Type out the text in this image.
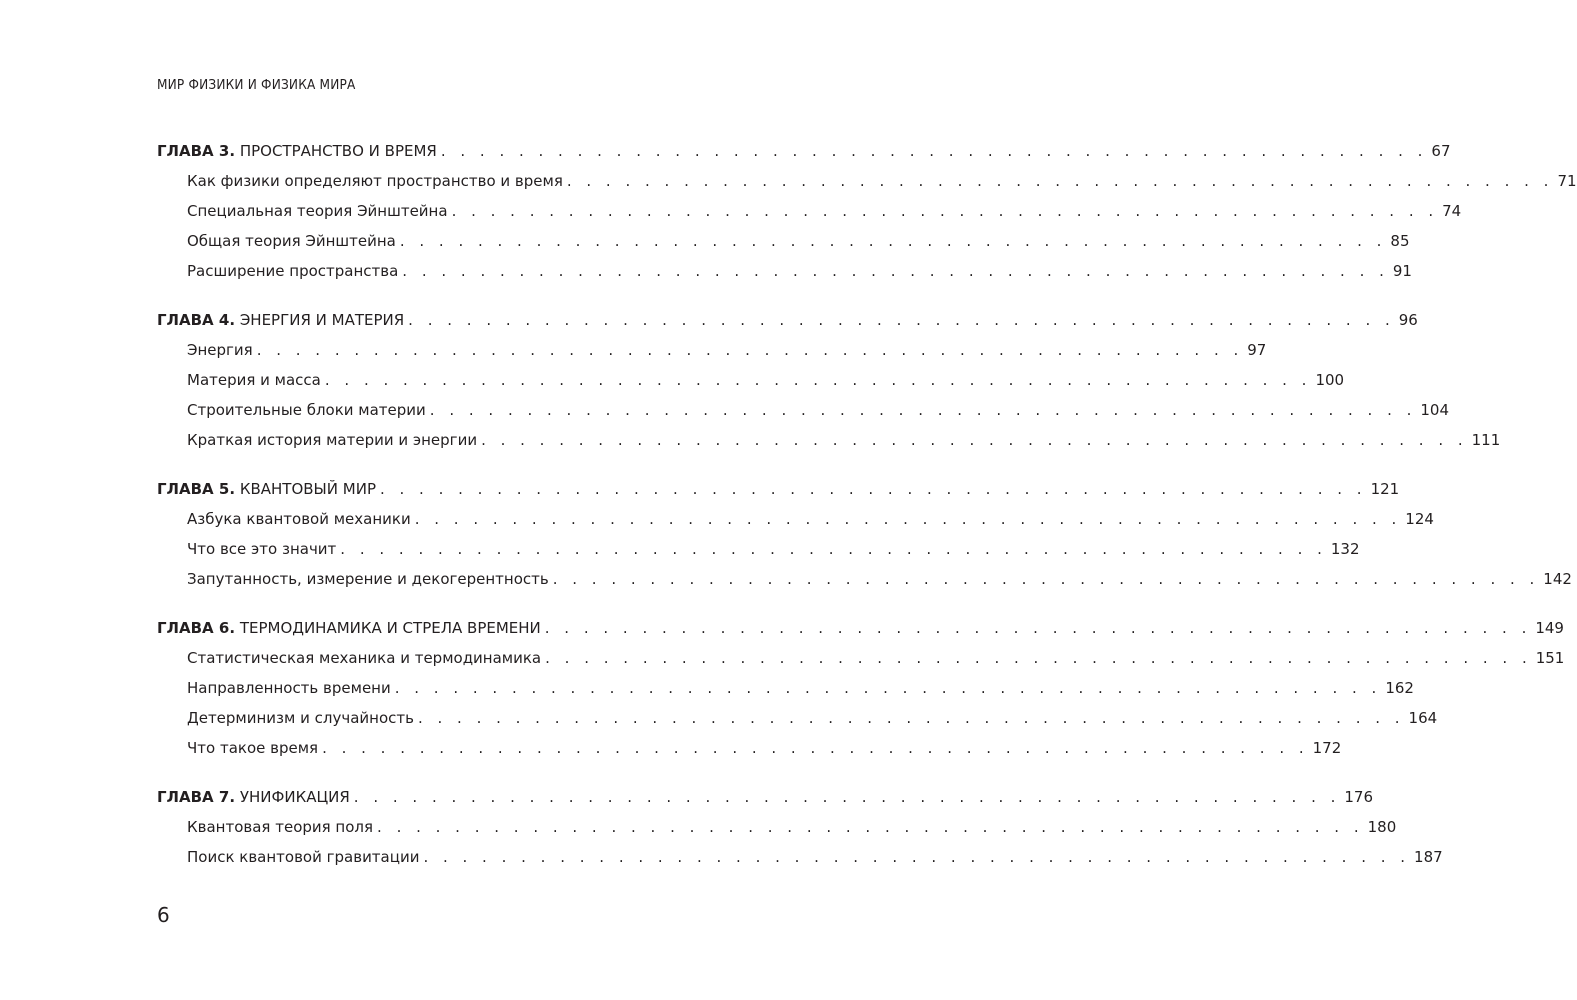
МИР ФИЗИКИ И ФИЗИКА МИРА
ГЛАВА 3. ПРОСТРАНСТВО И ВРЕМЯ . . . . . . . . . . . . . . . . . . . . . . . . . . . . . . . . . . . . . . . . . . . . . . . . . . . 67
Как физики определяют пространство и время . . . . . . . . . . . . . . . . . . . . . . . . . . . . . . . . . . . . . . . . . . . . . . . . . . . 71
Специальная теория Эйнштейна . . . . . . . . . . . . . . . . . . . . . . . . . . . . . . . . . . . . . . . . . . . . . . . . . . . 74
Общая теория Эйнштейна . . . . . . . . . . . . . . . . . . . . . . . . . . . . . . . . . . . . . . . . . . . . . . . . . . . 85
Расширение пространства . . . . . . . . . . . . . . . . . . . . . . . . . . . . . . . . . . . . . . . . . . . . . . . . . . . 91
ГЛАВА 4. ЭНЕРГИЯ И МАТЕРИЯ . . . . . . . . . . . . . . . . . . . . . . . . . . . . . . . . . . . . . . . . . . . . . . . . . . . 96
Энергия . . . . . . . . . . . . . . . . . . . . . . . . . . . . . . . . . . . . . . . . . . . . . . . . . . . 97
Материя и масса . . . . . . . . . . . . . . . . . . . . . . . . . . . . . . . . . . . . . . . . . . . . . . . . . . . 100
Строительные блоки материи . . . . . . . . . . . . . . . . . . . . . . . . . . . . . . . . . . . . . . . . . . . . . . . . . . . 104
Краткая история материи и энергии . . . . . . . . . . . . . . . . . . . . . . . . . . . . . . . . . . . . . . . . . . . . . . . . . . . 111
ГЛАВА 5. КВАНТОВЫЙ МИР . . . . . . . . . . . . . . . . . . . . . . . . . . . . . . . . . . . . . . . . . . . . . . . . . . . 121
Азбука квантовой механики . . . . . . . . . . . . . . . . . . . . . . . . . . . . . . . . . . . . . . . . . . . . . . . . . . . 124
Что все это значит . . . . . . . . . . . . . . . . . . . . . . . . . . . . . . . . . . . . . . . . . . . . . . . . . . . 132
Запутанность, измерение и декогерентность . . . . . . . . . . . . . . . . . . . . . . . . . . . . . . . . . . . . . . . . . . . . . . . . . . . 142
ГЛАВА 6. ТЕРМОДИНАМИКА И СТРЕЛА ВРЕМЕНИ . . . . . . . . . . . . . . . . . . . . . . . . . . . . . . . . . . . . . . . . . . . . . . . . . . . 149
Статистическая механика и термодинамика . . . . . . . . . . . . . . . . . . . . . . . . . . . . . . . . . . . . . . . . . . . . . . . . . . . 151
Направленность времени . . . . . . . . . . . . . . . . . . . . . . . . . . . . . . . . . . . . . . . . . . . . . . . . . . . 162
Детерминизм и случайность . . . . . . . . . . . . . . . . . . . . . . . . . . . . . . . . . . . . . . . . . . . . . . . . . . . 164
Что такое время . . . . . . . . . . . . . . . . . . . . . . . . . . . . . . . . . . . . . . . . . . . . . . . . . . . 172
ГЛАВА 7. УНИФИКАЦИЯ . . . . . . . . . . . . . . . . . . . . . . . . . . . . . . . . . . . . . . . . . . . . . . . . . . . 176
Квантовая теория поля . . . . . . . . . . . . . . . . . . . . . . . . . . . . . . . . . . . . . . . . . . . . . . . . . . . 180
Поиск квантовой гравитации . . . . . . . . . . . . . . . . . . . . . . . . . . . . . . . . . . . . . . . . . . . . . . . . . . . 187
6
